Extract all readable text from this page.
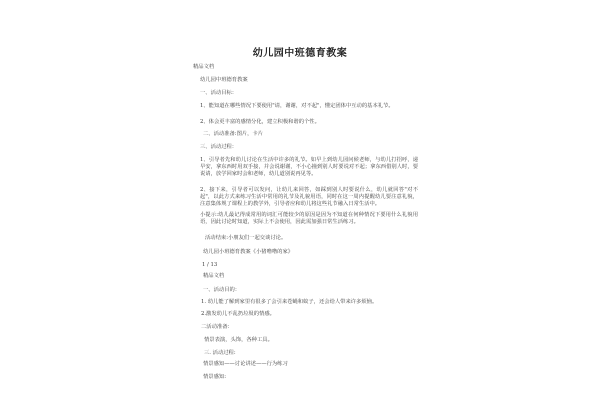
幼儿园中班德育教案
精品文档
幼儿园中班德育教案
一、活动目标：
1、能知道在哪些情况下要使用"请，谢谢，对不起"，懂定团体中互动的基本礼节。
2、体会更丰富的感情分化，建立积极和谐的个性。
二、活动准备:图片，卡片
三、活动过程：
1、引导者先和幼儿讨论在生活中许多的礼节。如早上到幼儿园问候老师，与幼儿打招呼，递早安，拿东西时用双手接，并会说谢谢，不小心撞到别人时要说对不起；拿东西借别人时，要说请，放学回家时会和老师，幼儿道别说再见等。
2、接下来，引导者可以发问，让幼儿来回答，如踩到别人时要说什么，幼儿就回答"对不起"，以此方式来练习生活中常用的礼节及礼貌用语，同时在这一周内提醒幼儿要注意礼貌，注意集体规了课程上的教学外，引导者应和幼儿将这些礼节融入日常生活中。
小提示:幼儿最记得成常用的词汇可能较少的原因是因为不知道在何种情况下要用什么礼貌用语，因此讨论时知道，实际上不会使用，因此需加强日常生活练习。
活动结束:小朋友们一起交谈讨论。
幼儿园小班德育教案《小猪噜噜的家》
1 / 13
精品文档
一、活动目的：
1. 幼儿能了解到家里有很多了会引来苍蝇和蚊子，还会给人带来许多烦恼。
2.激发幼儿不乱扔垃圾的情感。
二活动准备：
情景表演，头饰，各种工具。
三. 活动过程:
情景感知——讨论讲述——行为练习
情景感知:
